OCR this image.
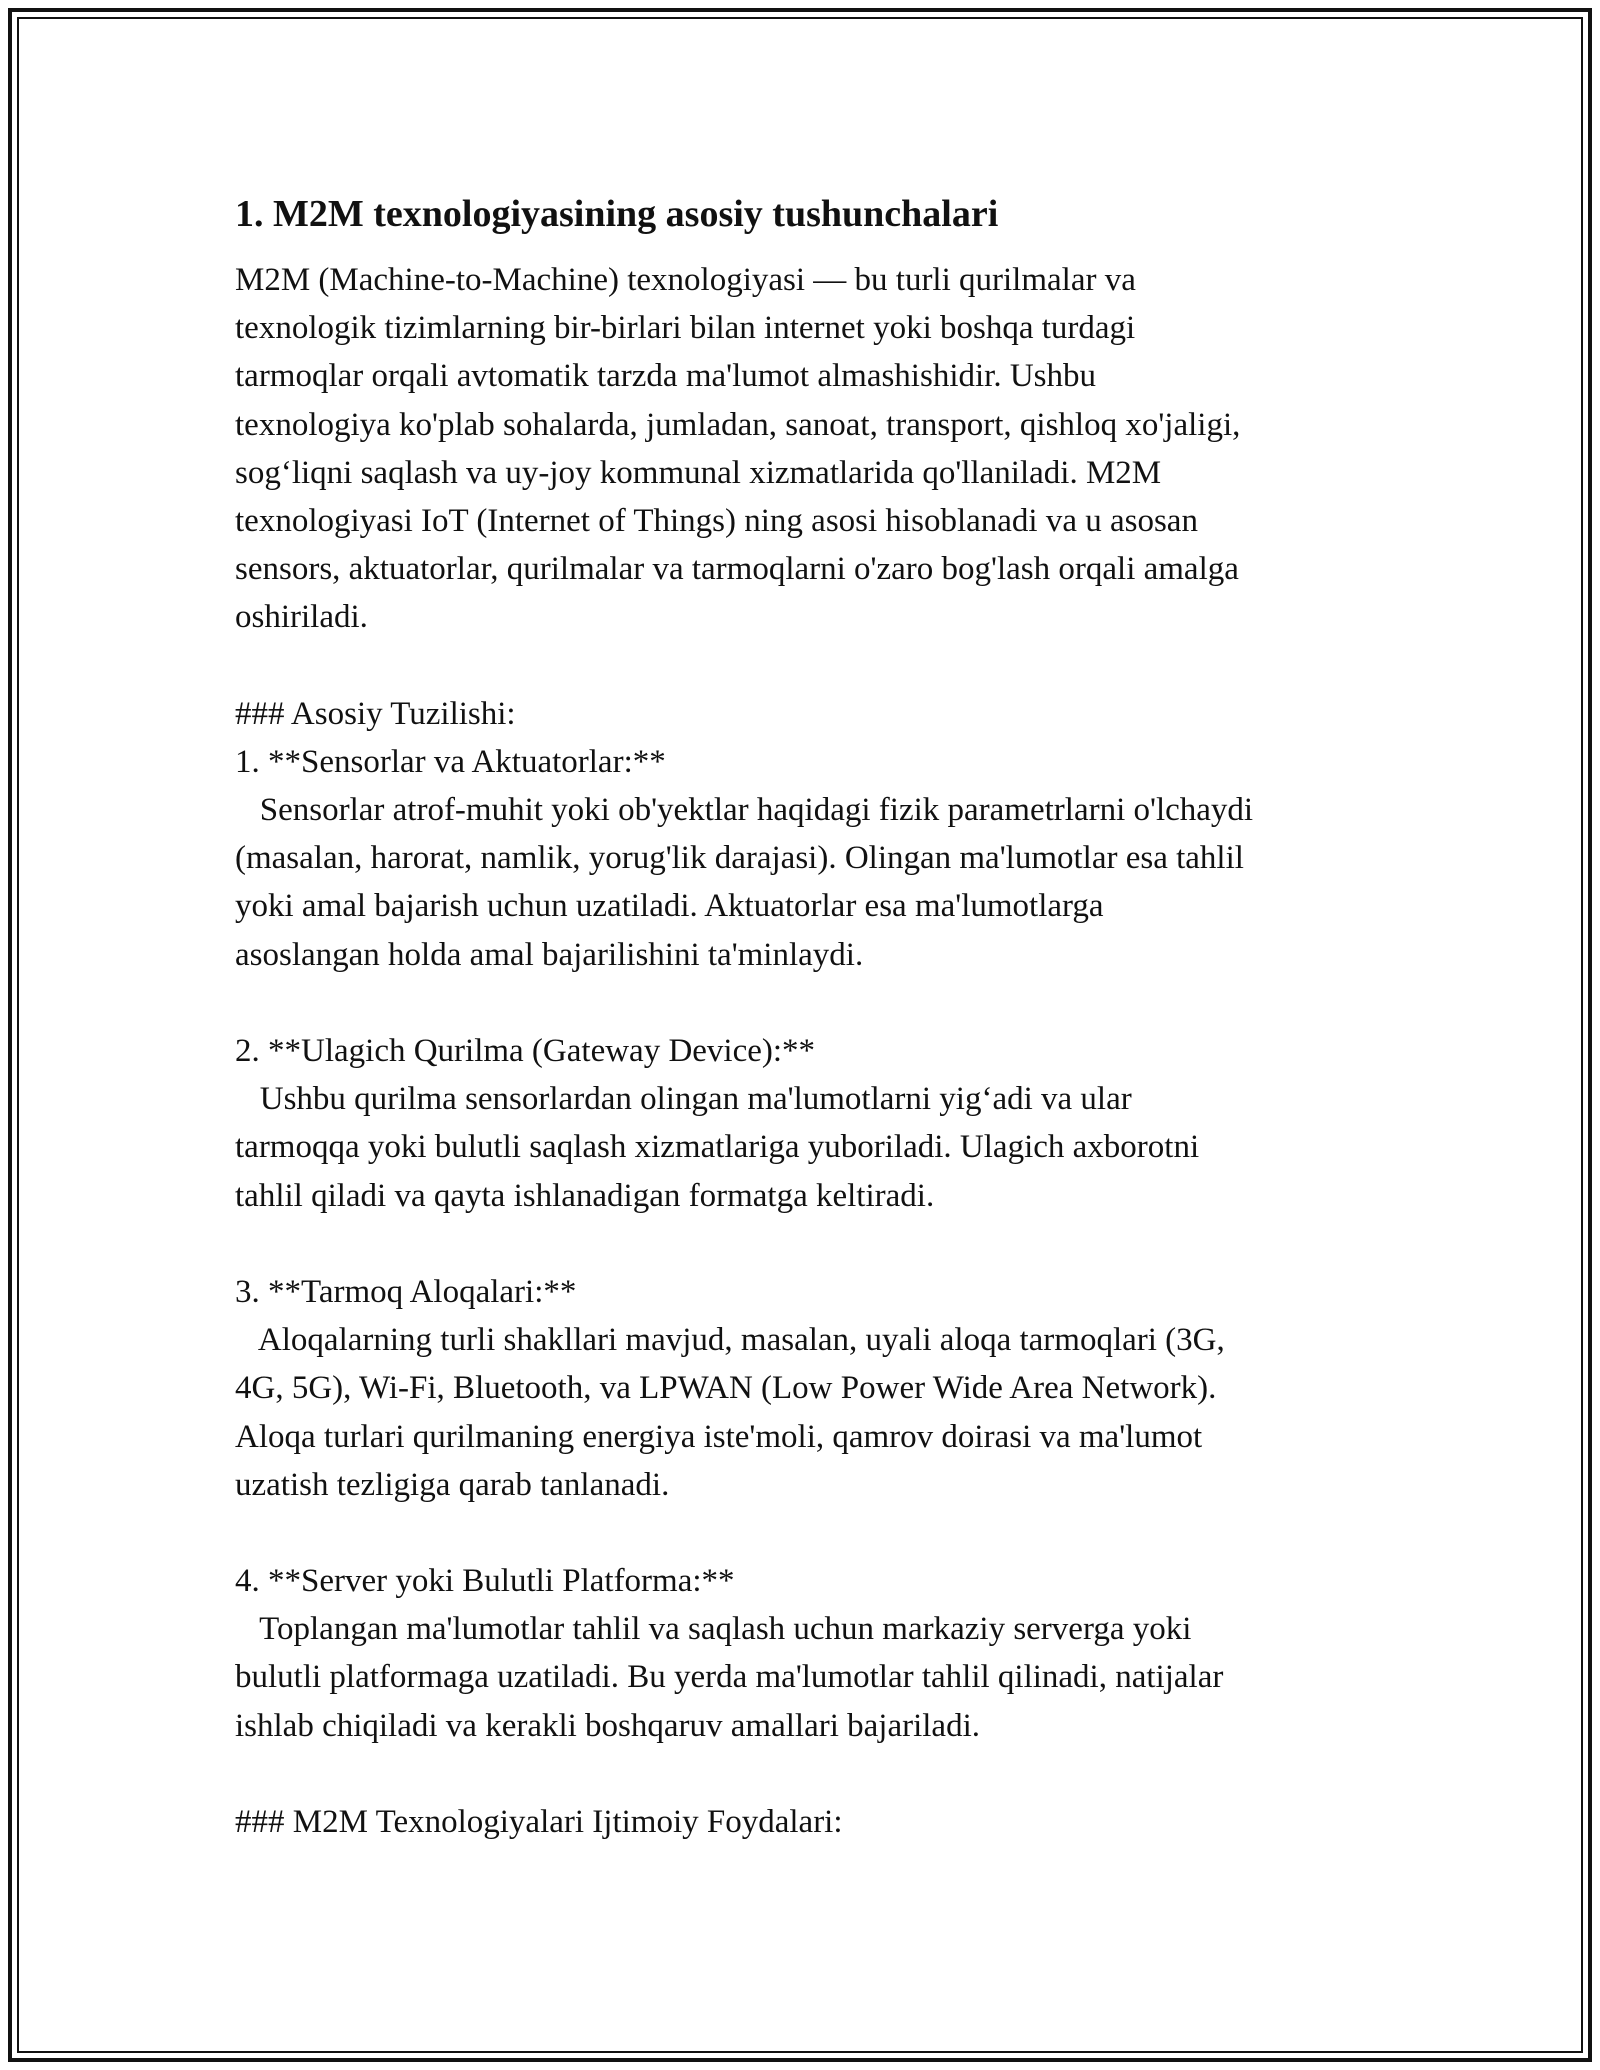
1. M2M texnologiyasining asosiy tushunchalari
M2M (Machine-to-Machine) texnologiyasi — bu turli qurilmalar va
texnologik tizimlarning bir-birlari bilan internet yoki boshqa turdagi
tarmoqlar orqali avtomatik tarzda ma'lumot almashishidir. Ushbu
texnologiya ko'plab sohalarda, jumladan, sanoat, transport, qishloq xo'jaligi,
sog‘liqni saqlash va uy-joy kommunal xizmatlarida qo'llaniladi. M2M
texnologiyasi IoT (Internet of Things) ning asosi hisoblanadi va u asosan
sensors, aktuatorlar, qurilmalar va tarmoqlarni o'zaro bog'lash orqali amalga
oshiriladi.
### Asosiy Tuzilishi:
1. **Sensorlar va Aktuatorlar:**
Sensorlar atrof-muhit yoki ob'yektlar haqidagi fizik parametrlarni o'lchaydi
(masalan, harorat, namlik, yorug'lik darajasi). Olingan ma'lumotlar esa tahlil
yoki amal bajarish uchun uzatiladi. Aktuatorlar esa ma'lumotlarga
asoslangan holda amal bajarilishini ta'minlaydi.
2. **Ulagich Qurilma (Gateway Device):**
Ushbu qurilma sensorlardan olingan ma'lumotlarni yig‘adi va ular
tarmoqqa yoki bulutli saqlash xizmatlariga yuboriladi. Ulagich axborotni
tahlil qiladi va qayta ishlanadigan formatga keltiradi.
3. **Tarmoq Aloqalari:**
Aloqalarning turli shakllari mavjud, masalan, uyali aloqa tarmoqlari (3G,
4G, 5G), Wi-Fi, Bluetooth, va LPWAN (Low Power Wide Area Network).
Aloqa turlari qurilmaning energiya iste'moli, qamrov doirasi va ma'lumot
uzatish tezligiga qarab tanlanadi.
4. **Server yoki Bulutli Platforma:**
Toplangan ma'lumotlar tahlil va saqlash uchun markaziy serverga yoki
bulutli platformaga uzatiladi. Bu yerda ma'lumotlar tahlil qilinadi, natijalar
ishlab chiqiladi va kerakli boshqaruv amallari bajariladi.
### M2M Texnologiyalari Ijtimoiy Foydalari:
